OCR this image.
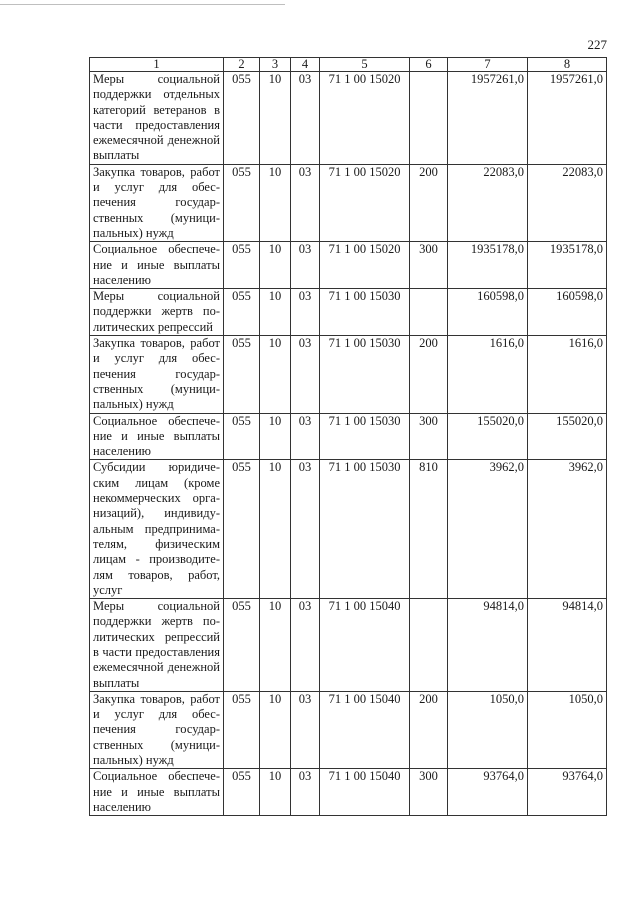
227
1	2	3	4	5	6	7	8
Меры социальной поддержки отдельных категорий ветеранов в части предоставления ежемесячной денежной выплаты	055	10	03	71 1 00 15020		1957261,0	1957261,0
Закупка товаров, работ и услуг для обеспечения государственных (муниципальных) нужд	055	10	03	71 1 00 15020	200	22083,0	22083,0
Социальное обеспечение и иные выплаты населению	055	10	03	71 1 00 15020	300	1935178,0	1935178,0
Меры социальной поддержки жертв политических репрессий	055	10	03	71 1 00 15030		160598,0	160598,0
Закупка товаров, работ и услуг для обеспечения государственных (муниципальных) нужд	055	10	03	71 1 00 15030	200	1616,0	1616,0
Социальное обеспечение и иные выплаты населению	055	10	03	71 1 00 15030	300	155020,0	155020,0
Субсидии юридическим лицам (кроме некоммерческих организаций), индивидуальным предпринимателям, физическим лицам - производителям товаров, работ, услуг	055	10	03	71 1 00 15030	810	3962,0	3962,0
Меры социальной поддержки жертв политических репрессий в части предоставления ежемесячной денежной выплаты	055	10	03	71 1 00 15040		94814,0	94814,0
Закупка товаров, работ и услуг для обеспечения государственных (муниципальных) нужд	055	10	03	71 1 00 15040	200	1050,0	1050,0
Социальное обеспечение и иные выплаты населению	055	10	03	71 1 00 15040	300	93764,0	93764,0
